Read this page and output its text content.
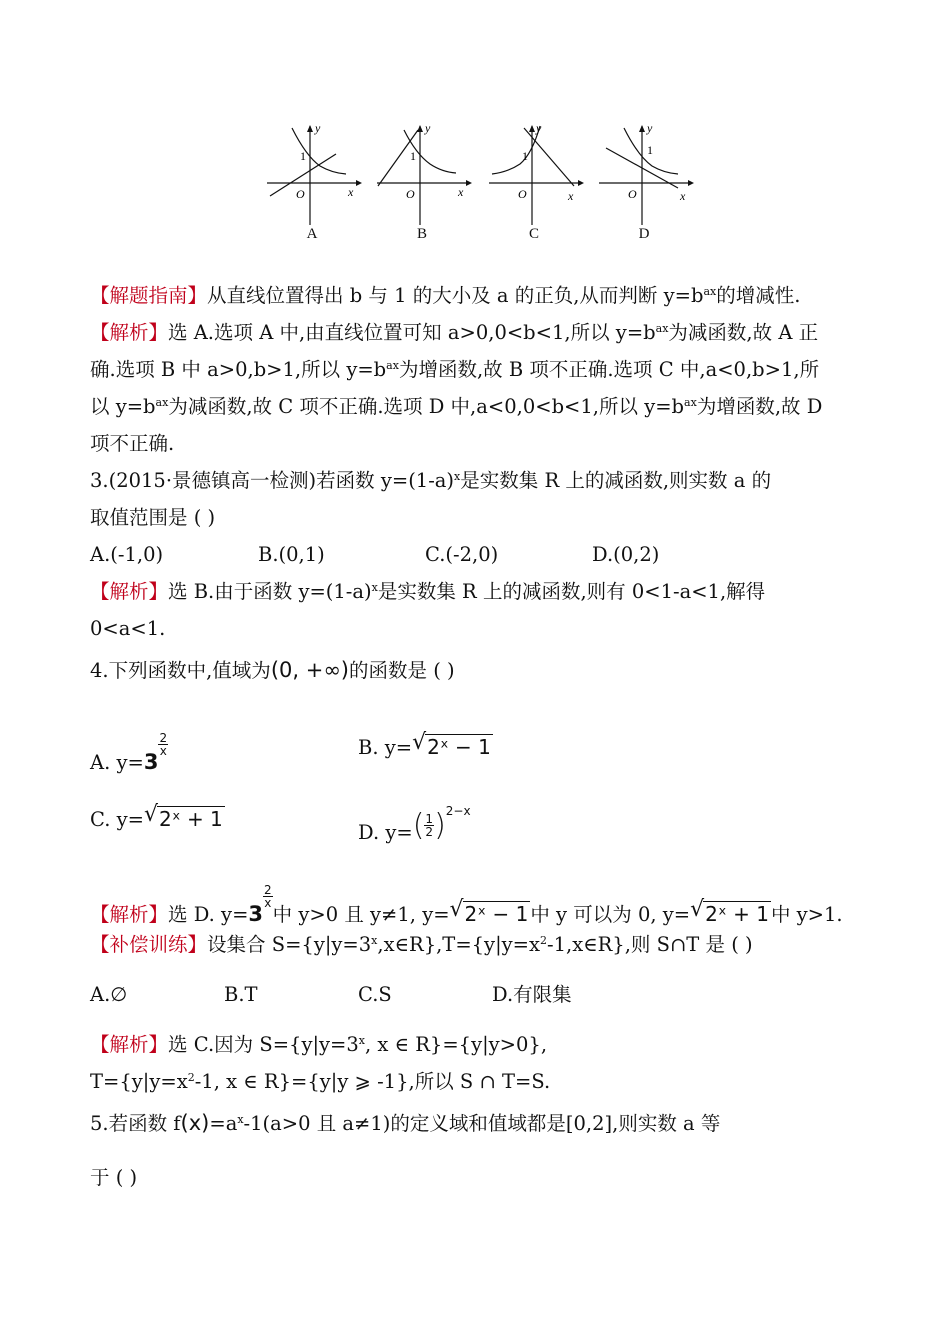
y
x
O
1
A
y
x
O
1
B
y
x
O
1
C
y
x
O
1
D
【解题指南】从直线位置得出 b 与 1 的大小及 a 的正负,从而判断 $y=b^{ax}$的增减性.
【解析】选 A.选项 A 中,由直线位置可知 a>0,0<b<1,所以 $y=b^{ax}$为减函数,故 A 正
确.选项 B 中 a>0,b>1,所以 $y=b^{ax}$为增函数,故 B 项不正确.选项 C 中,a<0,b>1,所
以 $y=b^{ax}$为减函数,故 C 项不正确.选项 D 中,a<0,0<b<1,所以 $y=b^{ax}$为增函数,故 D
项不正确.
3.(2015·景德镇高一检测)若函数 $y=(1-a)^x$是实数集 R 上的减函数,则实数 a 的
取值范围是 ( )
A.(-1,0)	B.(0,1)	C.(-2,0)	D.(0,2)
【解析】选 B.由于函数 $y=(1-a)^x$是实数集 R 上的减函数,则有 0<1-a<1,解得
0<a<1.
4.下列函数中,值域为(0, +∞)的函数是 ( )
A. y=3
$\frac{2}{x}$	B. y= √ 2ˣ − 1
C. y= √ 2ˣ + 1
D. $y=( \frac{1}{2} )^{2-x}$
【解析】选 D. y=3
$\frac{2}{x}$
中 y>0 且 y≠1, y= √ 2ˣ − 1 中 y 可以为 0, y= √ 2ˣ + 1 中 y>1.
【补偿训练】设集合 $S=\{y|y=3^x,x\in R\},T=\{y|y=x^2-1,x\in R\}$,则 S∩T 是 ( )
A.∅	B.T	C.S	D.有限集
【解析】选 C.因为 $S=\{y|y=3^x$, x ∈ R}={y|y>0},
$T=\{y|y=x^2-1$, x ∈ R}={y|y ⩾ -1},所以 S ∩ T=S.
5.若函数 $f(x)=a^x-1(a>0$ 且 a≠1)的定义域和值域都是[0,2],则实数 a 等
于 ( )
